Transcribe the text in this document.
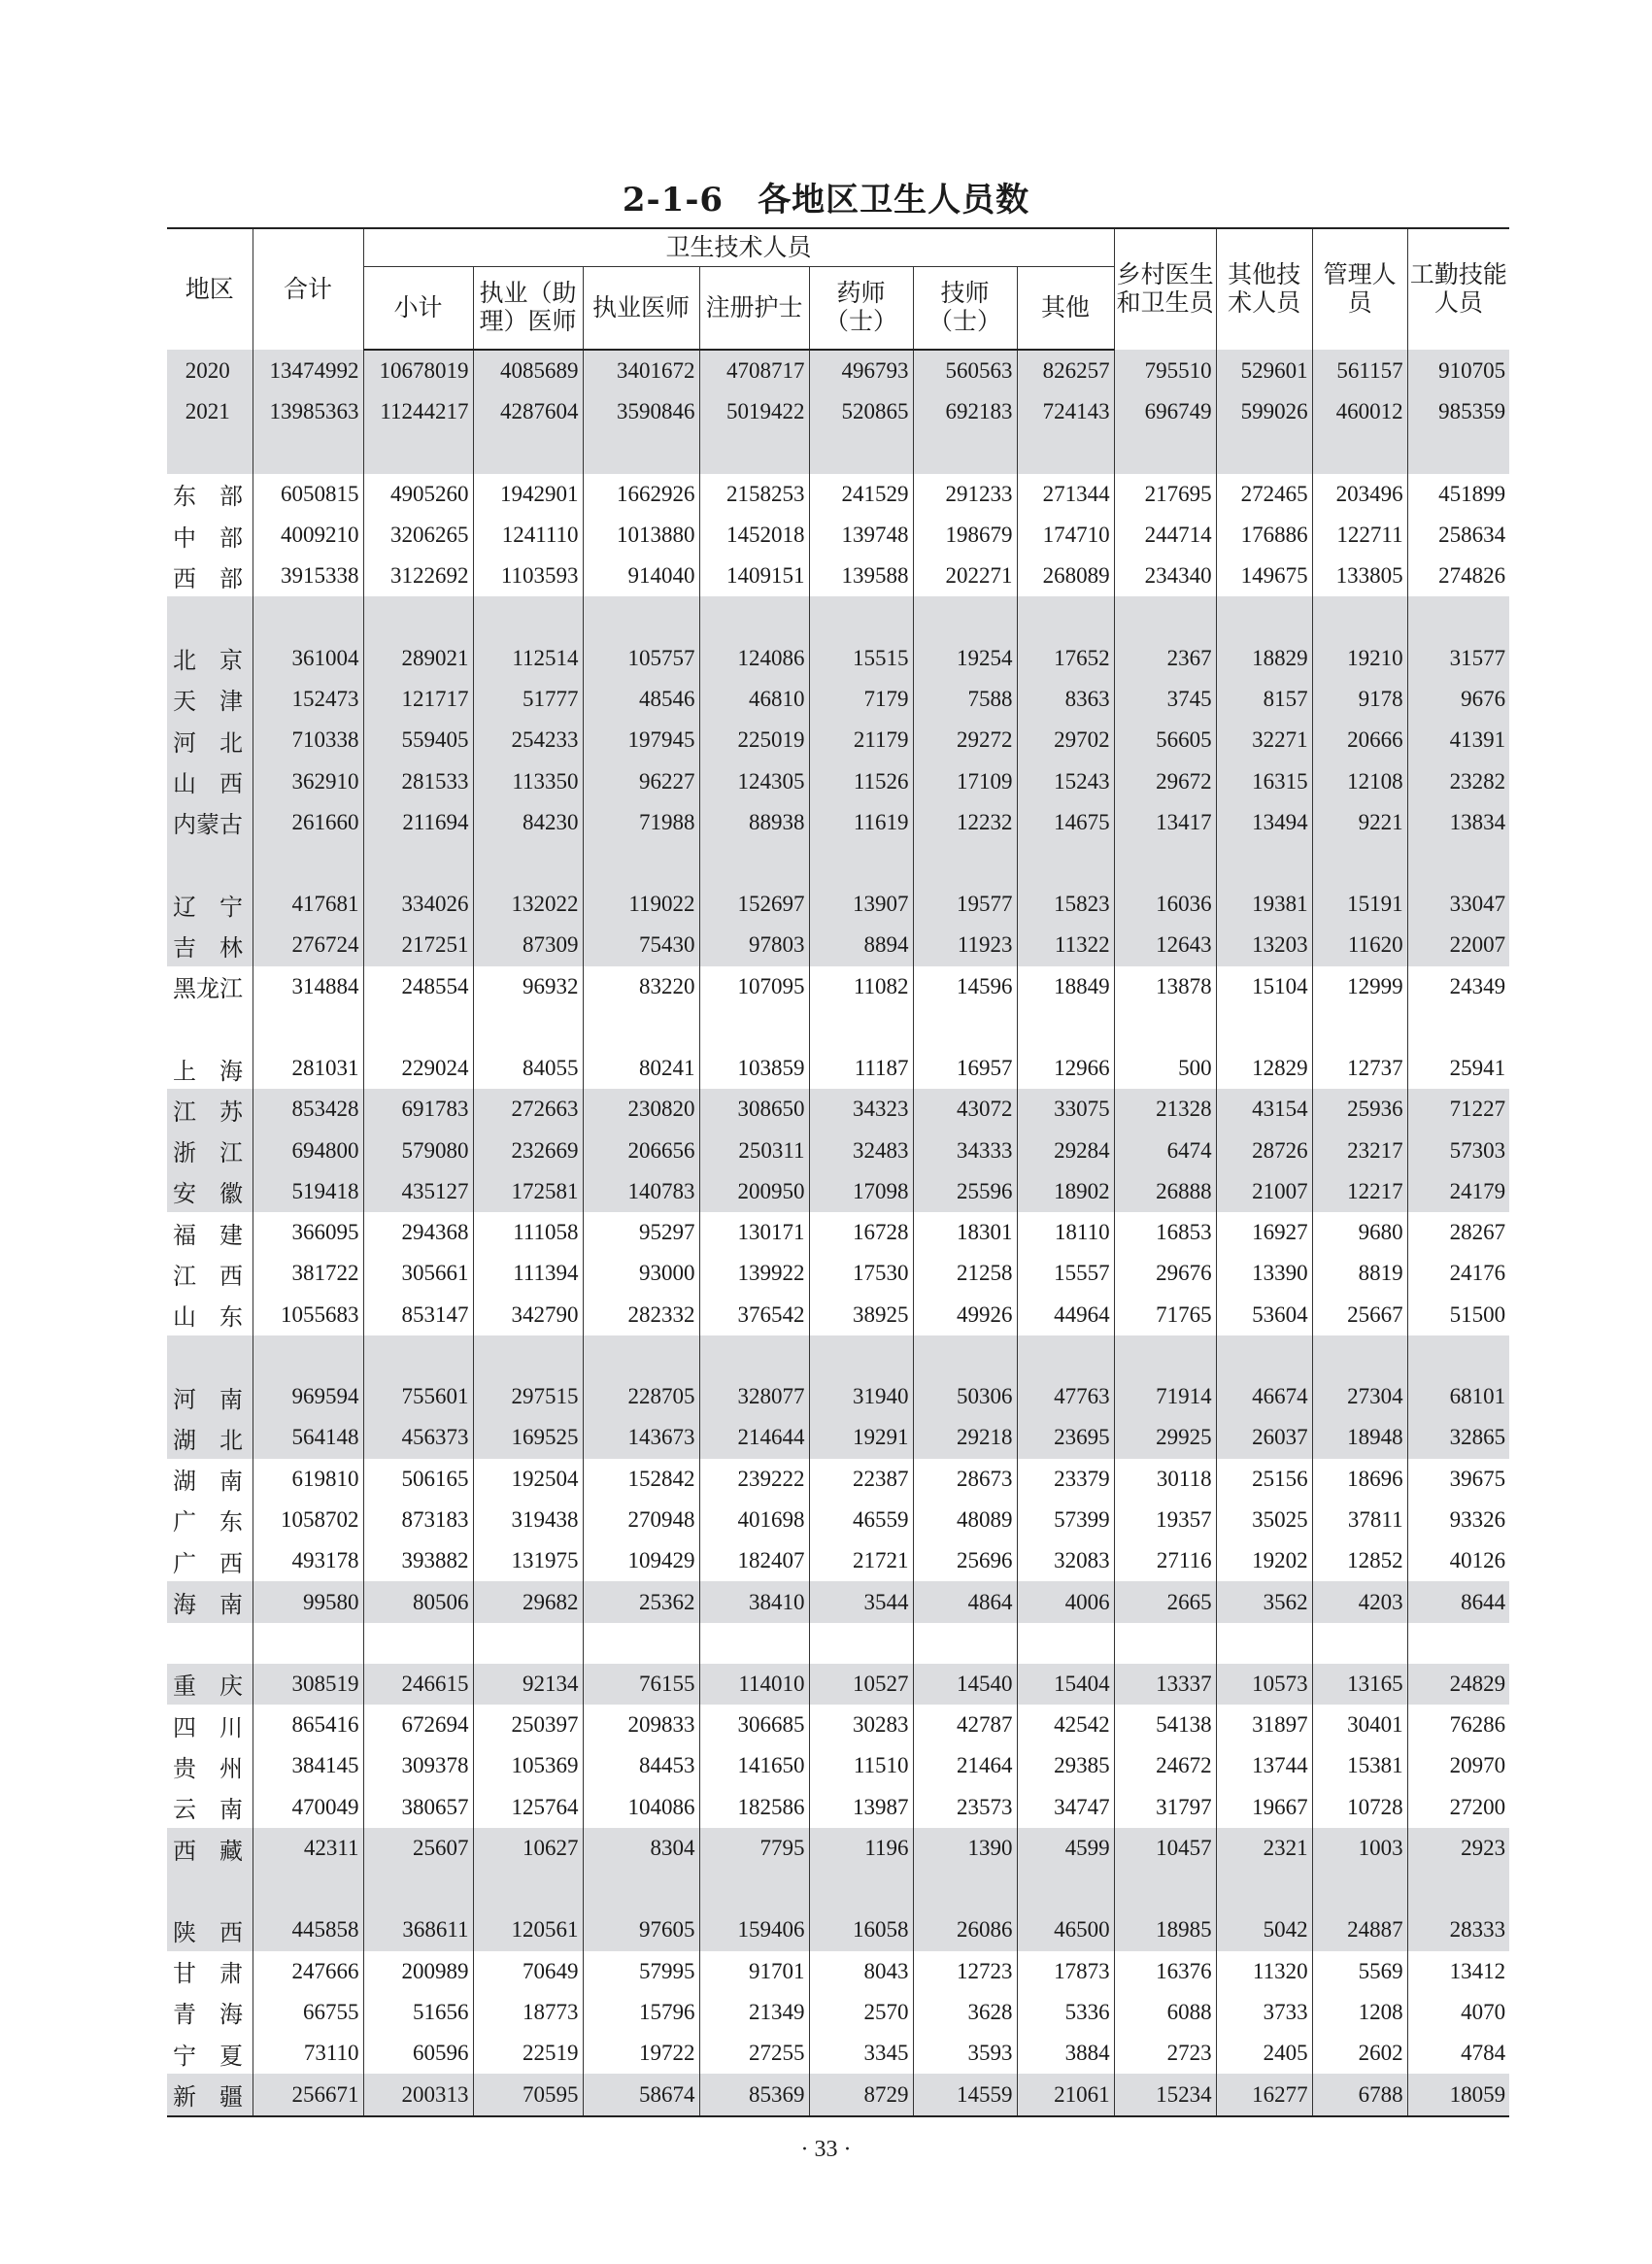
2-1-6　各地区卫生人员数
地区	合计	卫生技术人员							乡村医生和卫生员	其他技术人员	管理人员	工勤技能人员
		小计	执业（助理）医师	执业医师	注册护士	药师（士）	技师（士）	其他				
2020	13474992	10678019	4085689	3401672	4708717	496793	560563	826257	795510	529601	561157	910705
2021	13985363	11244217	4287604	3590846	5019422	520865	692183	724143	696749	599026	460012	985359

东　部	6050815	4905260	1942901	1662926	2158253	241529	291233	271344	217695	272465	203496	451899
中　部	4009210	3206265	1241110	1013880	1452018	139748	198679	174710	244714	176886	122711	258634
西　部	3915338	3122692	1103593	914040	1409151	139588	202271	268089	234340	149675	133805	274826

北　京	361004	289021	112514	105757	124086	15515	19254	17652	2367	18829	19210	31577
天　津	152473	121717	51777	48546	46810	7179	7588	8363	3745	8157	9178	9676
河　北	710338	559405	254233	197945	225019	21179	29272	29702	56605	32271	20666	41391
山　西	362910	281533	113350	96227	124305	11526	17109	15243	29672	16315	12108	23282
内蒙古	261660	211694	84230	71988	88938	11619	12232	14675	13417	13494	9221	13834

辽　宁	417681	334026	132022	119022	152697	13907	19577	15823	16036	19381	15191	33047
吉　林	276724	217251	87309	75430	97803	8894	11923	11322	12643	13203	11620	22007
黑龙江	314884	248554	96932	83220	107095	11082	14596	18849	13878	15104	12999	24349

上　海	281031	229024	84055	80241	103859	11187	16957	12966	500	12829	12737	25941
江　苏	853428	691783	272663	230820	308650	34323	43072	33075	21328	43154	25936	71227
浙　江	694800	579080	232669	206656	250311	32483	34333	29284	6474	28726	23217	57303
安　徽	519418	435127	172581	140783	200950	17098	25596	18902	26888	21007	12217	24179
福　建	366095	294368	111058	95297	130171	16728	18301	18110	16853	16927	9680	28267
江　西	381722	305661	111394	93000	139922	17530	21258	15557	29676	13390	8819	24176
山　东	1055683	853147	342790	282332	376542	38925	49926	44964	71765	53604	25667	51500

河　南	969594	755601	297515	228705	328077	31940	50306	47763	71914	46674	27304	68101
湖　北	564148	456373	169525	143673	214644	19291	29218	23695	29925	26037	18948	32865
湖　南	619810	506165	192504	152842	239222	22387	28673	23379	30118	25156	18696	39675
广　东	1058702	873183	319438	270948	401698	46559	48089	57399	19357	35025	37811	93326
广　西	493178	393882	131975	109429	182407	21721	25696	32083	27116	19202	12852	40126
海　南	99580	80506	29682	25362	38410	3544	4864	4006	2665	3562	4203	8644

重　庆	308519	246615	92134	76155	114010	10527	14540	15404	13337	10573	13165	24829
四　川	865416	672694	250397	209833	306685	30283	42787	42542	54138	31897	30401	76286
贵　州	384145	309378	105369	84453	141650	11510	21464	29385	24672	13744	15381	20970
云　南	470049	380657	125764	104086	182586	13987	23573	34747	31797	19667	10728	27200
西　藏	42311	25607	10627	8304	7795	1196	1390	4599	10457	2321	1003	2923

陕　西	445858	368611	120561	97605	159406	16058	26086	46500	18985	5042	24887	28333
甘　肃	247666	200989	70649	57995	91701	8043	12723	17873	16376	11320	5569	13412
青　海	66755	51656	18773	15796	21349	2570	3628	5336	6088	3733	1208	4070
宁　夏	73110	60596	22519	19722	27255	3345	3593	3884	2723	2405	2602	4784
新　疆	256671	200313	70595	58674	85369	8729	14559	21061	15234	16277	6788	18059
· 33 ·
